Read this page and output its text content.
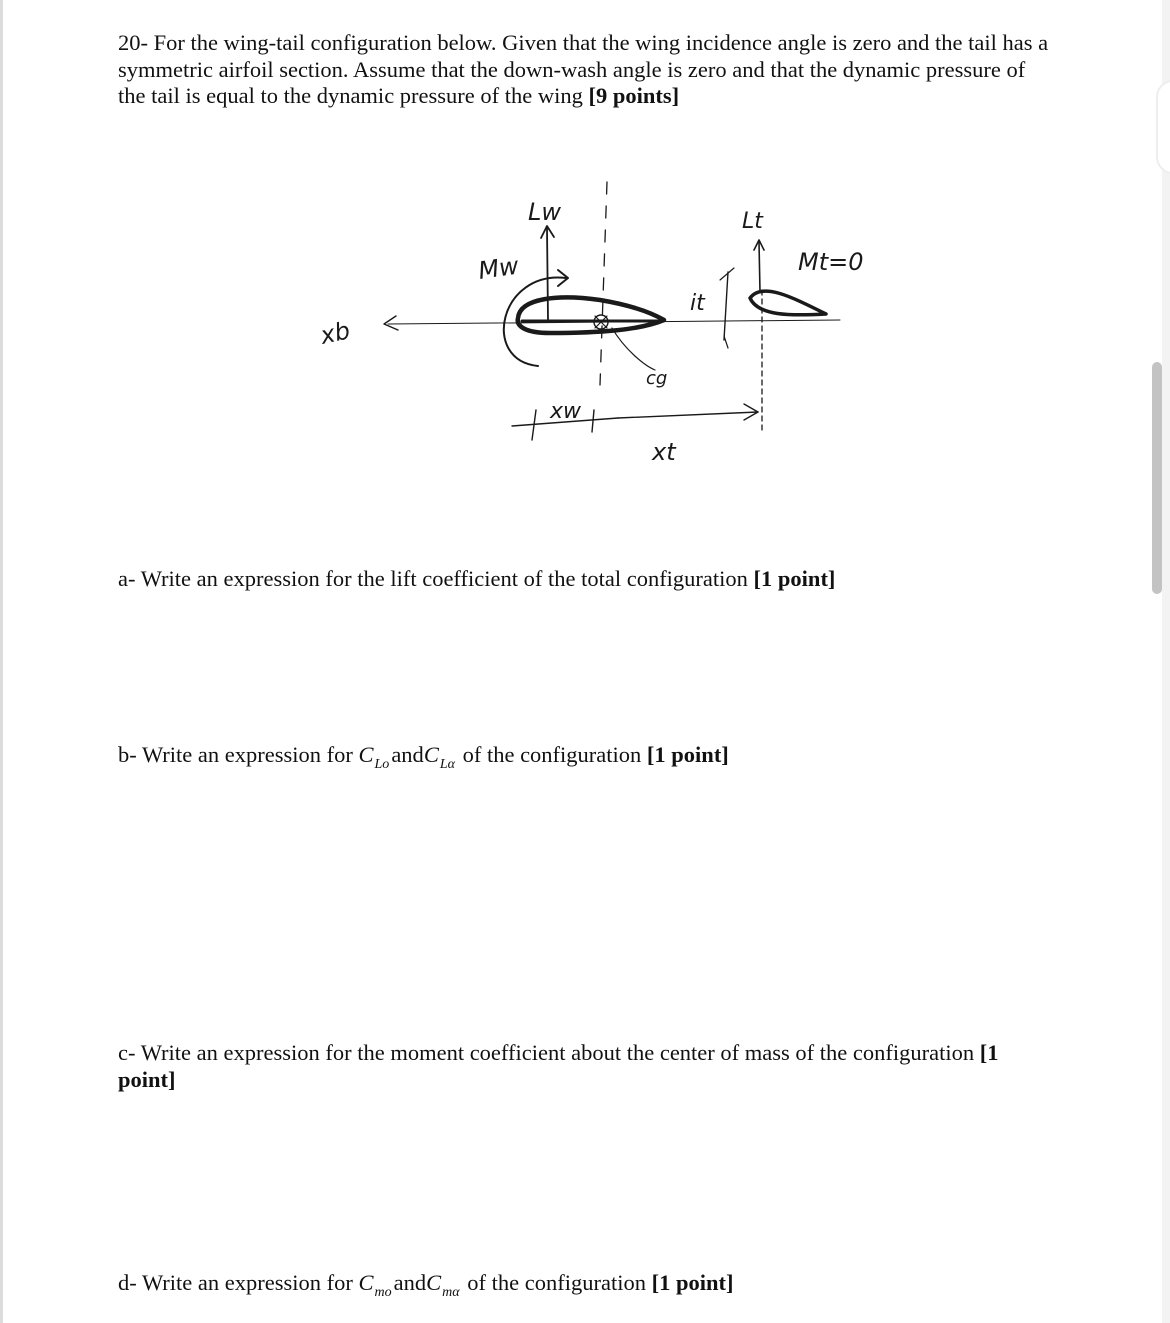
20- For the wing-tail configuration below. Given that the wing incidence angle is zero and the tail has a symmetric airfoil section. Assume that the down-wash angle is zero and that the dynamic pressure of the tail is equal to the dynamic pressure of the wing [9 points]
xb
Lw
Mw
cg
xw
xt
it
Lt
Mt=0
a- Write an expression for the lift coefficient of the total configuration [1 point]
b- Write an expression for $C_{Lo}andC_{L\alpha}$ of the configuration [1 point]
c- Write an expression for the moment coefficient about the center of mass of the configuration [1 point]
d- Write an expression for $C_{mo}andC_{m\alpha}$ of the configuration [1 point]
